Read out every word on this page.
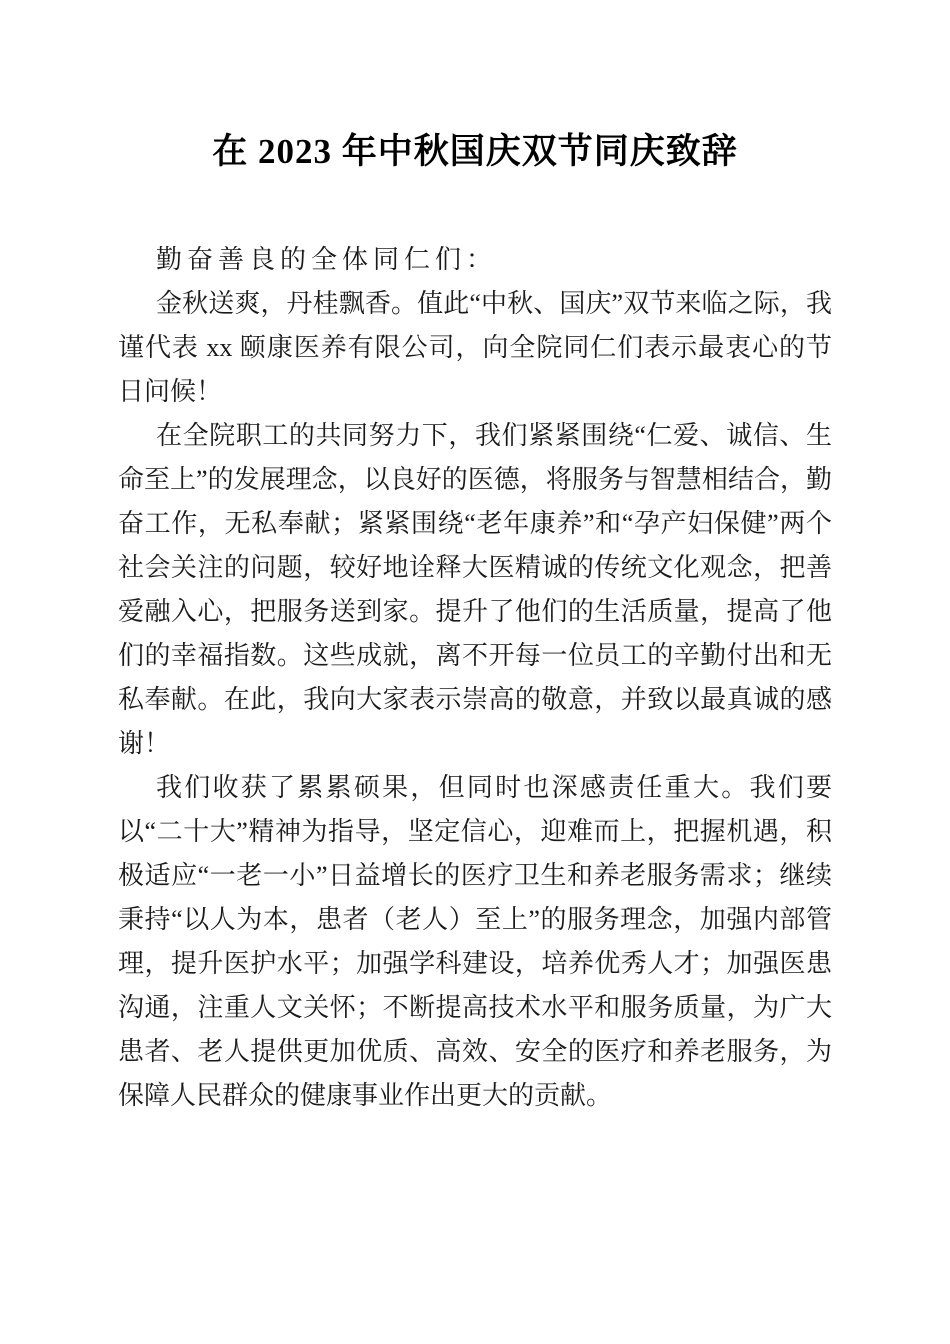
在 2023 年中秋国庆双节同庆致辞

勤奋善良的全体同仁们：

金秋送爽，丹桂飘香。值此“中秋、国庆”双节来临之际，我谨代表 xx 颐康医养有限公司，向全院同仁们表示最衷心的节日问候！

在全院职工的共同努力下，我们紧紧围绕“仁爱、诚信、生命至上”的发展理念，以良好的医德，将服务与智慧相结合，勤奋工作，无私奉献；紧紧围绕“老年康养”和“孕产妇保健”两个社会关注的问题，较好地诠释大医精诚的传统文化观念，把善爱融入心，把服务送到家。提升了他们的生活质量，提高了他们的幸福指数。这些成就，离不开每一位员工的辛勤付出和无私奉献。在此，我向大家表示崇高的敬意，并致以最真诚的感谢！

我们收获了累累硕果，但同时也深感责任重大。我们要以“二十大”精神为指导，坚定信心，迎难而上，把握机遇，积极适应“一老一小”日益增长的医疗卫生和养老服务需求；继续秉持“以人为本，患者（老人）至上”的服务理念，加强内部管理，提升医护水平；加强学科建设，培养优秀人才；加强医患沟通，注重人文关怀；不断提高技术水平和服务质量，为广大患者、老人提供更加优质、高效、安全的医疗和养老服务，为保障人民群众的健康事业作出更大的贡献。
